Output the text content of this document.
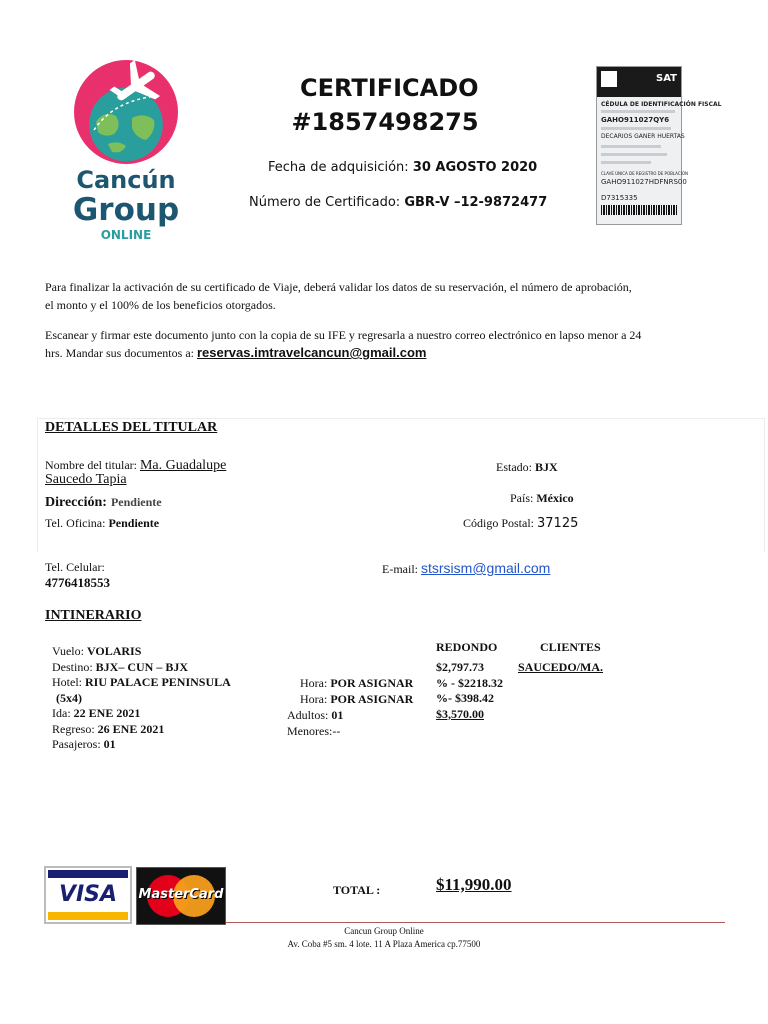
Cancún
Group
ONLINE
CERTIFICADO
#1857498275
Fecha de adquisición: 30 AGOSTO 2020
Número de Certificado: GBR-V –12-9872477
SAT
CÉDULA DE IDENTIFICACIÓN FISCAL
GAHO911027QY6
DECARIOS GANER HUERTAS
CLAVE ÚNICA DE REGISTRO DE POBLACIÓN
GAHO911027HDFNRS00
D7315335
Para finalizar la activación de su certificado de Viaje, deberá validar los datos de su reservación, el número de aprobación,
el monto y el 100% de los beneficios otorgados.
Escanear y firmar este documento junto con la copia de su IFE y regresarla a nuestro correo electrónico en lapso menor a 24
hrs. Mandar sus documentos a: reservas.imtravelcancun@gmail.com
DETALLES DEL TITULAR
Nombre del titular: Ma. Guadalupe
Saucedo Tapia
Dirección: Pendiente
Tel. Oficina: Pendiente
Estado: BJX
País: México
Código Postal: 37125
Tel. Celular:
4776418553
E-mail: stsrsism@gmail.com
INTINERARIO
Vuelo: VOLARIS
Destino: BJX– CUN – BJX
Hotel: RIU PALACE PENINSULA
(5x4)
Ida: 22 ENE 2021
Regreso: 26 ENE 2021
Pasajeros: 01
Hora: POR ASIGNAR
Hora: POR ASIGNAR
Adultos: 01
Menores:--
REDONDO	CLIENTES
$2,797.73
% - $2218.32
%- $398.42
$3,570.00
SAUCEDO/MA.
VISA	MasterCard	TOTAL :	$11,990.00
Cancun Group Online
Av. Coba #5 sm. 4 lote. 11 A Plaza America cp.77500
